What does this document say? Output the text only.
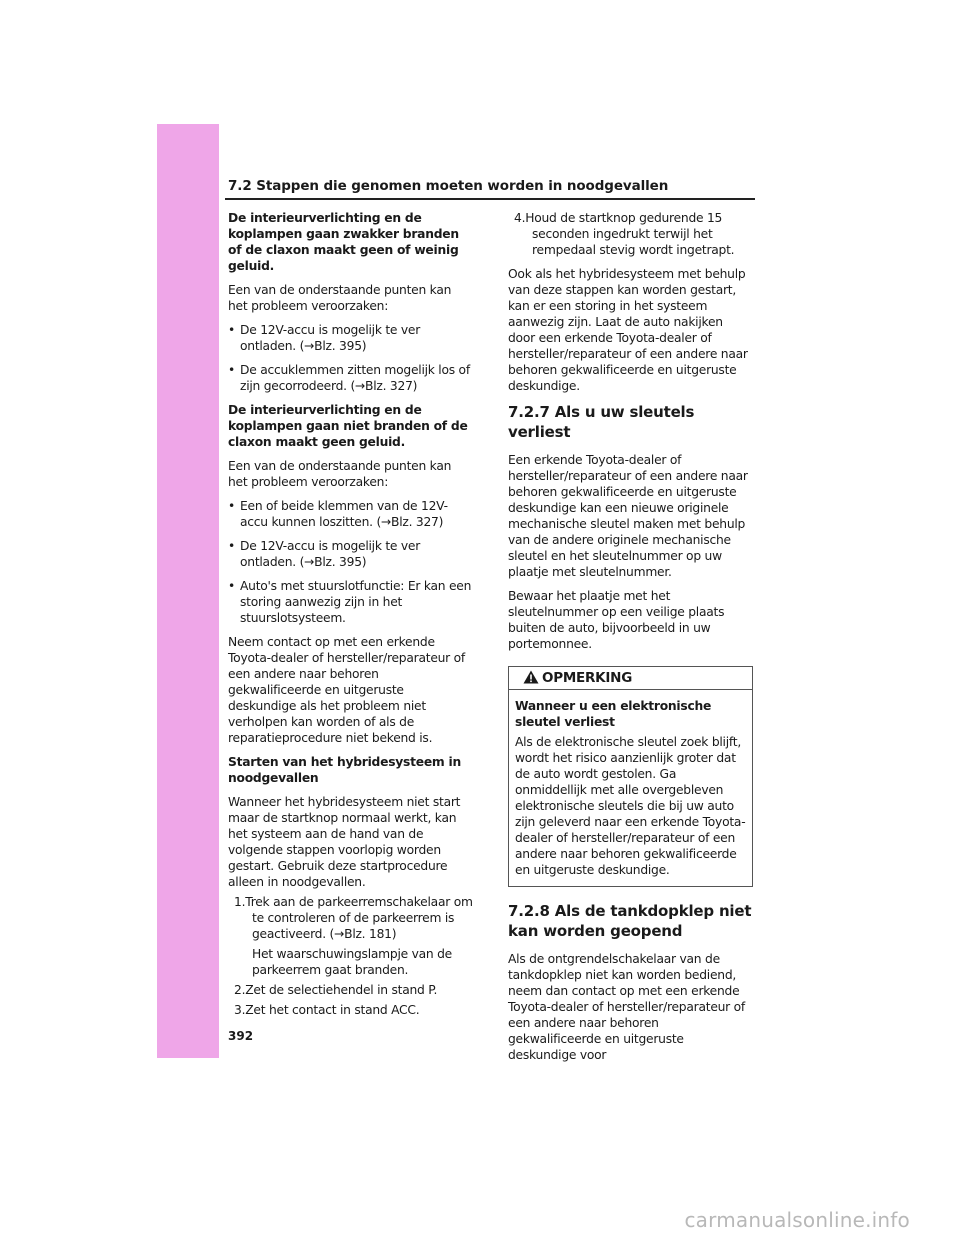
7.2 Stappen die genomen moeten worden in noodgevallen

De interieurverlichting en de koplampen gaan zwakker branden of de claxon maakt geen of weinig geluid.

Een van de onderstaande punten kan het probleem veroorzaken:

• De 12V-accu is mogelijk te ver ontladen. (→Blz. 395)
• De accuklemmen zitten mogelijk los of zijn gecorrodeerd. (→Blz. 327)

De interieurverlichting en de koplampen gaan niet branden of de claxon maakt geen geluid.

Een van de onderstaande punten kan het probleem veroorzaken:

• Een of beide klemmen van de 12V-accu kunnen loszitten. (→Blz. 327)
• De 12V-accu is mogelijk te ver ontladen. (→Blz. 395)
• Auto's met stuurslotfunctie: Er kan een storing aanwezig zijn in het stuurslotsysteem.

Neem contact op met een erkende Toyota-dealer of hersteller/reparateur of een andere naar behoren gekwalificeerde en uitgeruste deskundige als het probleem niet verholpen kan worden of als de reparatieprocedure niet bekend is.

Starten van het hybridesysteem in noodgevallen

Wanneer het hybridesysteem niet start maar de startknop normaal werkt, kan het systeem aan de hand van de volgende stappen voorlopig worden gestart. Gebruik deze startprocedure alleen in noodgevallen.

1.Trek aan de parkeerremschakelaar om te controleren of de parkeerrem is geactiveerd. (→Blz. 181)
Het waarschuwingslampje van de parkeerrem gaat branden.
2.Zet de selectiehendel in stand P.
3.Zet het contact in stand ACC.
4.Houd de startknop gedurende 15 seconden ingedrukt terwijl het rempedaal stevig wordt ingetrapt.

Ook als het hybridesysteem met behulp van deze stappen kan worden gestart, kan er een storing in het systeem aanwezig zijn. Laat de auto nakijken door een erkende Toyota-dealer of hersteller/reparateur of een andere naar behoren gekwalificeerde en uitgeruste deskundige.

7.2.7 Als u uw sleutels verliest

Een erkende Toyota-dealer of hersteller/reparateur of een andere naar behoren gekwalificeerde en uitgeruste deskundige kan een nieuwe originele mechanische sleutel maken met behulp van de andere originele mechanische sleutel en het sleutelnummer op uw plaatje met sleutelnummer.

Bewaar het plaatje met het sleutelnummer op een veilige plaats buiten de auto, bijvoorbeeld in uw portemonnee.

OPMERKING

Wanneer u een elektronische sleutel verliest

Als de elektronische sleutel zoek blijft, wordt het risico aanzienlijk groter dat de auto wordt gestolen. Ga onmiddellijk met alle overgebleven elektronische sleutels die bij uw auto zijn geleverd naar een erkende Toyota-dealer of hersteller/reparateur of een andere naar behoren gekwalificeerde en uitgeruste deskundige.

7.2.8 Als de tankdopklep niet kan worden geopend

Als de ontgrendelschakelaar van de tankdopklep niet kan worden bediend, neem dan contact op met een erkende Toyota-dealer of hersteller/reparateur of een andere naar behoren gekwalificeerde en uitgeruste deskundige voor

392
carmanualsonline.info
